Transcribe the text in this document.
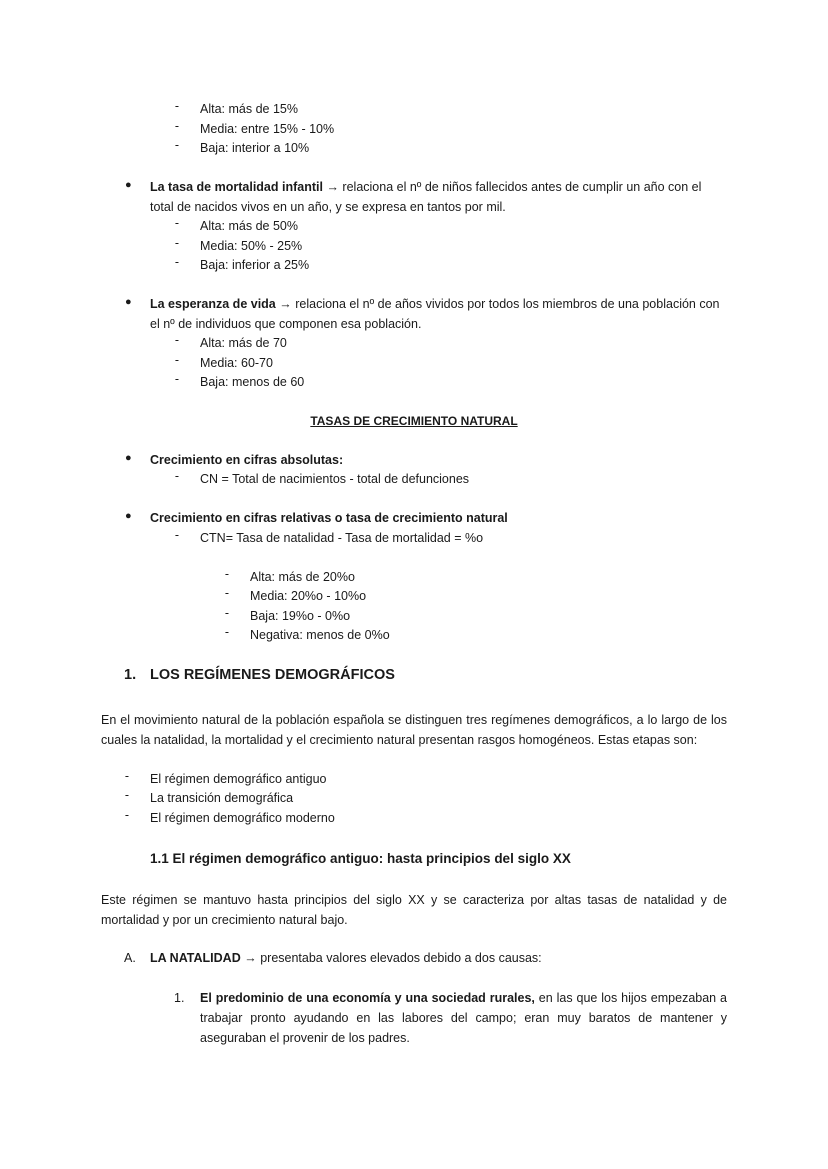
-	Alta: más de 15%
-	Media: entre 15% - 10%
-	Baja: interior a 10%
● La tasa de mortalidad infantil → relaciona el nº de niños fallecidos antes de cumplir un año con el
total de nacidos vivos en un año, y se expresa en tantos por mil.
-	Alta: más de 50%
-	Media: 50% - 25%
-	Baja: inferior a 25%
● La esperanza de vida → relaciona el nº de años vividos por todos los miembros de una población con
el nº de individuos que componen esa población.
-	Alta: más de 70
-	Media: 60-70
-	Baja: menos de 60
TASAS DE CRECIMIENTO NATURAL
● Crecimiento en cifras absolutas:
-	CN = Total de nacimientos - total de defunciones
● Crecimiento en cifras relativas o tasa de crecimiento natural
-	CTN= Tasa de natalidad - Tasa de mortalidad = %o
-	Alta: más de 20%o
-	Media: 20%o - 10%o
-	Baja: 19%o - 0%o
-	Negativa: menos de 0%o
1. LOS REGÍMENES DEMOGRÁFICOS
En el movimiento natural de la población española se distinguen tres regímenes demográficos, a lo largo de los
cuales la natalidad, la mortalidad y el crecimiento natural presentan rasgos homogéneos. Estas etapas son:
-	El régimen demográfico antiguo
-	La transición demográfica
-	El régimen demográfico moderno
1.1 El régimen demográfico antiguo: hasta principios del siglo XX
Este régimen se mantuvo hasta principios del siglo XX y se caracteriza por altas tasas de natalidad y de
mortalidad y por un crecimiento natural bajo.
A. LA NATALIDAD → presentaba valores elevados debido a dos causas:
1. El predominio de una economía y una sociedad rurales, en las que los hijos empezaban a
trabajar pronto ayudando en las labores del campo; eran muy baratos de mantener y
aseguraban el provenir de los padres.
